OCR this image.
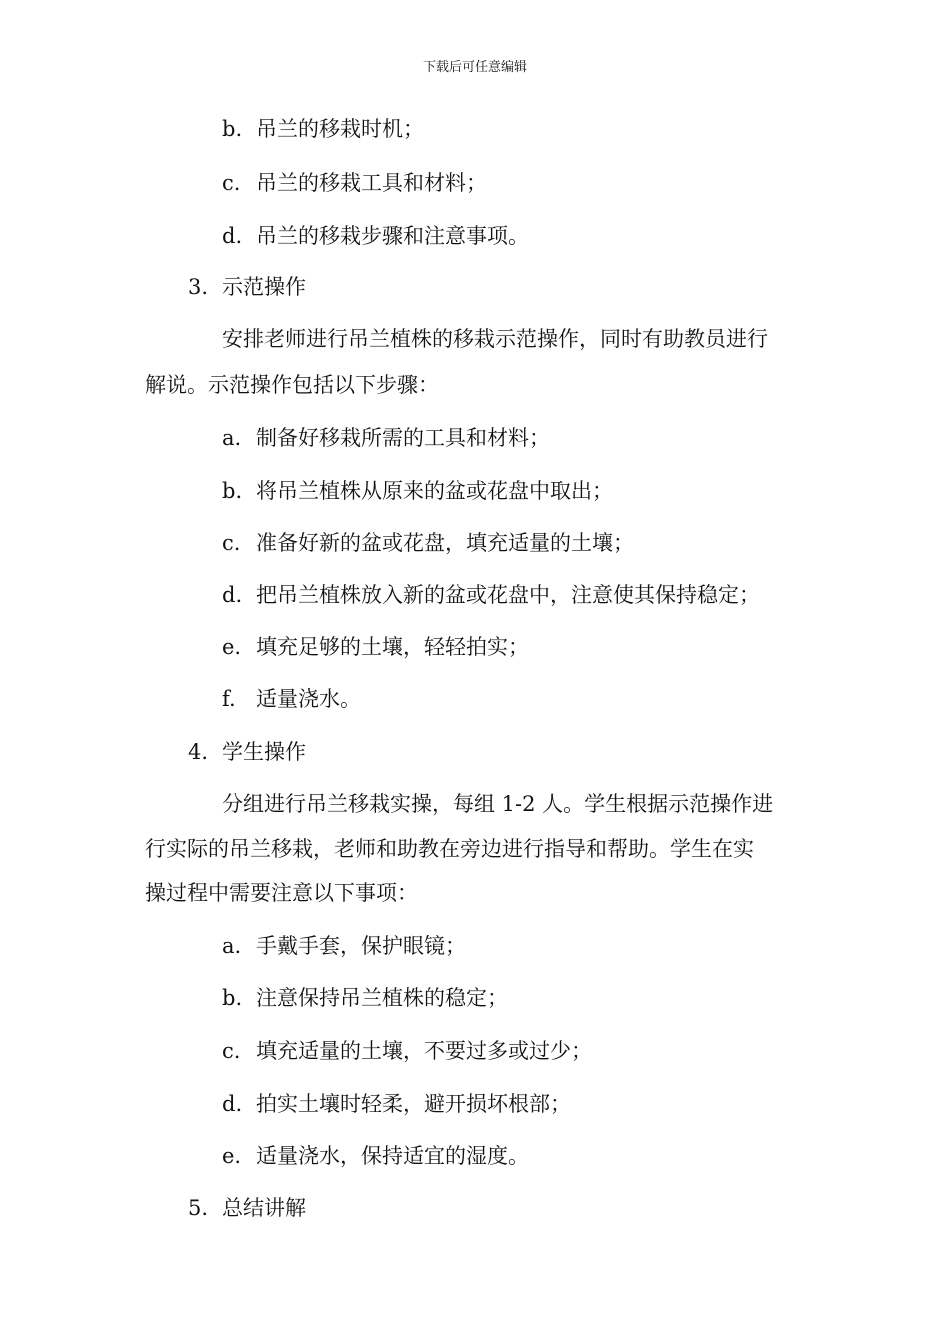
下载后可任意编辑
b. 吊兰的移栽时机；
c. 吊兰的移栽工具和材料；
d. 吊兰的移栽步骤和注意事项。
3. 示范操作
安排老师进行吊兰植株的移栽示范操作，同时有助教员进行
解说。示范操作包括以下步骤：
a. 制备好移栽所需的工具和材料；
b. 将吊兰植株从原来的盆或花盘中取出；
c. 准备好新的盆或花盘，填充适量的土壤；
d. 把吊兰植株放入新的盆或花盘中，注意使其保持稳定；
e. 填充足够的土壤，轻轻拍实；
f. 适量浇水。
4. 学生操作
分组进行吊兰移栽实操，每组 1-2 人。学生根据示范操作进
行实际的吊兰移栽，老师和助教在旁边进行指导和帮助。学生在实
操过程中需要注意以下事项：
a. 手戴手套，保护眼镜；
b. 注意保持吊兰植株的稳定；
c. 填充适量的土壤，不要过多或过少；
d. 拍实土壤时轻柔，避开损坏根部；
e. 适量浇水，保持适宜的湿度。
5. 总结讲解
